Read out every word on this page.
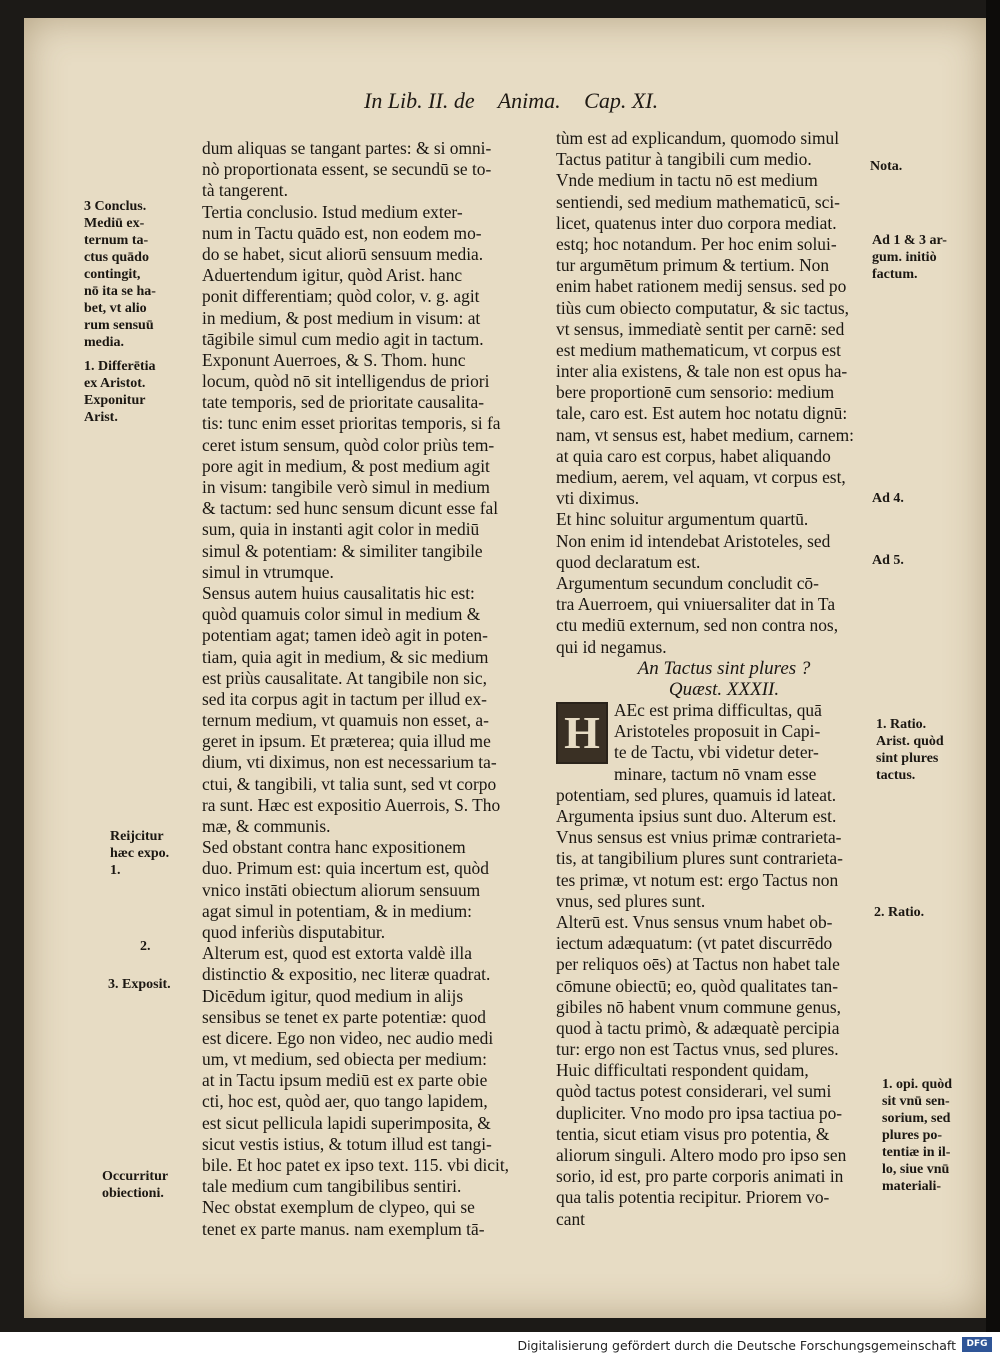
In Lib. II. de Anima. Cap. XI.
dum aliquas se tangant partes: & si omni-
nò proportionata essent, se secundū se to-
tà tangerent.
Tertia conclusio. Istud medium exter-
num in Tactu quādo est, non eodem mo-
do se habet, sicut aliorū sensuum media.
Aduertendum igitur, quòd Arist. hanc
ponit differentiam; quòd color, v. g. agit
in medium, & post medium in visum: at
tāgibile simul cum medio agit in tactum.
Exponunt Auerroes, & S. Thom. hunc
locum, quòd nō sit intelligendus de priori
tate temporis, sed de prioritate causalita-
tis: tunc enim esset prioritas temporis, si fa
ceret istum sensum, quòd color priùs tem-
pore agit in medium, & post medium agit
in visum: tangibile verò simul in medium
& tactum: sed hunc sensum dicunt esse fal
sum, quia in instanti agit color in mediū
simul & potentiam: & similiter tangibile
simul in vtrumque.
Sensus autem huius causalitatis hic est:
quòd quamuis color simul in medium &
potentiam agat; tamen ideò agit in poten-
tiam, quia agit in medium, & sic medium
est priùs causalitate. At tangibile non sic,
sed ita corpus agit in tactum per illud ex-
ternum medium, vt quamuis non esset, a-
geret in ipsum. Et præterea; quia illud me
dium, vti diximus, non est necessarium ta-
ctui, & tangibili, vt talia sunt, sed vt corpo
ra sunt. Hæc est expositio Auerrois, S. Tho
mæ, & communis.
Sed obstant contra hanc expositionem
duo. Primum est: quia incertum est, quòd
vnico instāti obiectum aliorum sensuum
agat simul in potentiam, & in medium:
quod inferiùs disputabitur.
Alterum est, quod est extorta valdè illa
distinctio & expositio, nec literæ quadrat.
Dicēdum igitur, quod medium in alijs
sensibus se tenet ex parte potentiæ: quod
est dicere. Ego non video, nec audio medi
um, vt medium, sed obiecta per medium:
at in Tactu ipsum mediū est ex parte obie
cti, hoc est, quòd aer, quo tango lapidem,
est sicut pellicula lapidi superimposita, &
sicut vestis istius, & totum illud est tangi-
bile. Et hoc patet ex ipso text. 115. vbi dicit,
tale medium cum tangibilibus sentiri.
Nec obstat exemplum de clypeo, qui se
tenet ex parte manus. nam exemplum tā-
tùm est ad explicandum, quomodo simul
Tactus patitur à tangibili cum medio.
Vnde medium in tactu nō est medium
sentiendi, sed medium mathematicū, sci-
licet, quatenus inter duo corpora mediat.
estq; hoc notandum. Per hoc enim solui-
tur argumētum primum & tertium. Non
enim habet rationem medij sensus. sed po
tiùs cum obiecto computatur, & sic tactus,
vt sensus, immediatè sentit per carnē: sed
est medium mathematicum, vt corpus est
inter alia existens, & tale non est opus ha-
bere proportionē cum sensorio: medium
tale, caro est. Est autem hoc notatu dignū:
nam, vt sensus est, habet medium, carnem:
at quia caro est corpus, habet aliquando
medium, aerem, vel aquam, vt corpus est,
vti diximus.
Et hinc soluitur argumentum quartū.
Non enim id intendebat Aristoteles, sed
quod declaratum est.
Argumentum secundum concludit cō-
tra Auerroem, qui vniuersaliter dat in Ta
ctu mediū externum, sed non contra nos,
qui id negamus.
An Tactus sint plures ?
Quæst. XXXII.
H AEc est prima difficultas, quā
Aristoteles proposuit in Capi-
te de Tactu, vbi videtur deter-
minare, tactum nō vnam esse
potentiam, sed plures, quamuis id lateat.
Argumenta ipsius sunt duo. Alterum est.
Vnus sensus est vnius primæ contrarieta-
tis, at tangibilium plures sunt contrarieta-
tes primæ, vt notum est: ergo Tactus non
vnus, sed plures sunt.
Alterū est. Vnus sensus vnum habet ob-
iectum adæquatum: (vt patet discurrēdo
per reliquos oēs) at Tactus non habet tale
cōmune obiectū; eo, quòd qualitates tan-
gibiles nō habent vnum commune genus,
quod à tactu primò, & adæquatè percipia
tur: ergo non est Tactus vnus, sed plures.
Huic difficultati respondent quidam,
quòd tactus potest considerari, vel sumi
dupliciter. Vno modo pro ipsa tactiua po-
tentia, sicut etiam visus pro potentia, &
aliorum singuli. Altero modo pro ipso sen
sorio, id est, pro parte corporis animati in
qua talis potentia recipitur. Priorem vo-
cant
3 Conclus.
Mediū ex-
ternum ta-
ctus quādo
contingit,
nō ita se ha-
bet, vt alio
rum sensuū
media.
1. Differētia
ex Aristot.
Exponitur
Arist.
Reijcitur
hæc expo.
1.
2.
3. Exposit.
Occurritur
obiectioni.
Nota.
Ad 1 & 3 ar-
gum. initiò
factum.
Ad 4.
Ad 5.
1. Ratio.
Arist. quòd
sint plures
tactus.
2. Ratio.
1. opi. quòd
sit vnū sen-
sorium, sed
plures po-
tentiæ in il-
lo, siue vnū
materiali-
Digitalisierung gefördert durch die Deutsche Forschungsgemeinschaft	DFG
